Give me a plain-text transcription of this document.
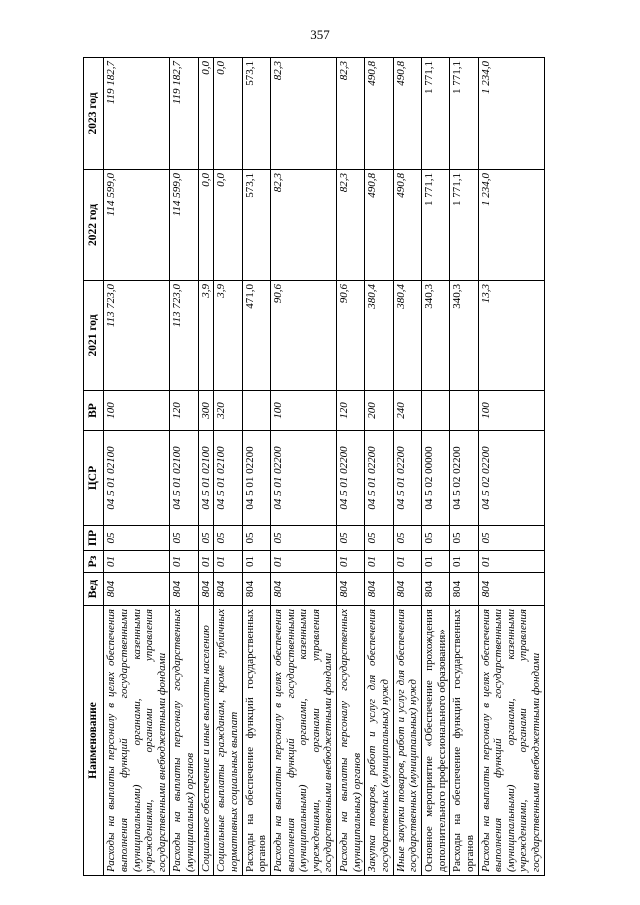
357
Наименование	Вед	Рз	ПР	ЦСР	ВР	2021 год	2022 год	2023 год
Расходы на выплаты персоналу в целях обеспечения выполнения функций государственными (муниципальными) органами, казенными учреждениями, органами управления государственными внебюджетными фондами	804	01	05	04 5 01 02100	100	113 723,0	114 599,0	119 182,7
Расходы на выплаты персоналу государственных (муниципальных) органов	804	01	05	04 5 01 02100	120	113 723,0	114 599,0	119 182,7
Социальное обеспечение и иные выплаты населению	804	01	05	04 5 01 02100	300	3,9	0,0	0,0
Социальные выплаты гражданам, кроме публичных нормативных социальных выплат	804	01	05	04 5 01 02100	320	3,9	0,0	0,0
Расходы на обеспечение функций государственных органов	804	01	05	04 5 01 02200		471,0	573,1	573,1
Расходы на выплаты персоналу в целях обеспечения выполнения функций государственными (муниципальными) органами, казенными учреждениями, органами управления государственными внебюджетными фондами	804	01	05	04 5 01 02200	100	90,6	82,3	82,3
Расходы на выплаты персоналу государственных (муниципальных) органов	804	01	05	04 5 01 02200	120	90,6	82,3	82,3
Закупка товаров, работ и услуг для обеспечения государственных (муниципальных) нужд	804	01	05	04 5 01 02200	200	380,4	490,8	490,8
Иные закупки товаров, работ и услуг для обеспечения государственных (муниципальных) нужд	804	01	05	04 5 01 02200	240	380,4	490,8	490,8
Основное мероприятие «Обеспечение прохождения дополнительного профессионального образования»	804	01	05	04 5 02 00000		340,3	1 771,1	1 771,1
Расходы на обеспечение функций государственных органов	804	01	05	04 5 02 02200		340,3	1 771,1	1 771,1
Расходы на выплаты персоналу в целях обеспечения выполнения функций государственными (муниципальными) органами, казенными учреждениями, органами управления государственными внебюджетными фондами	804	01	05	04 5 02 02200	100	13,3	1 234,0	1 234,0
